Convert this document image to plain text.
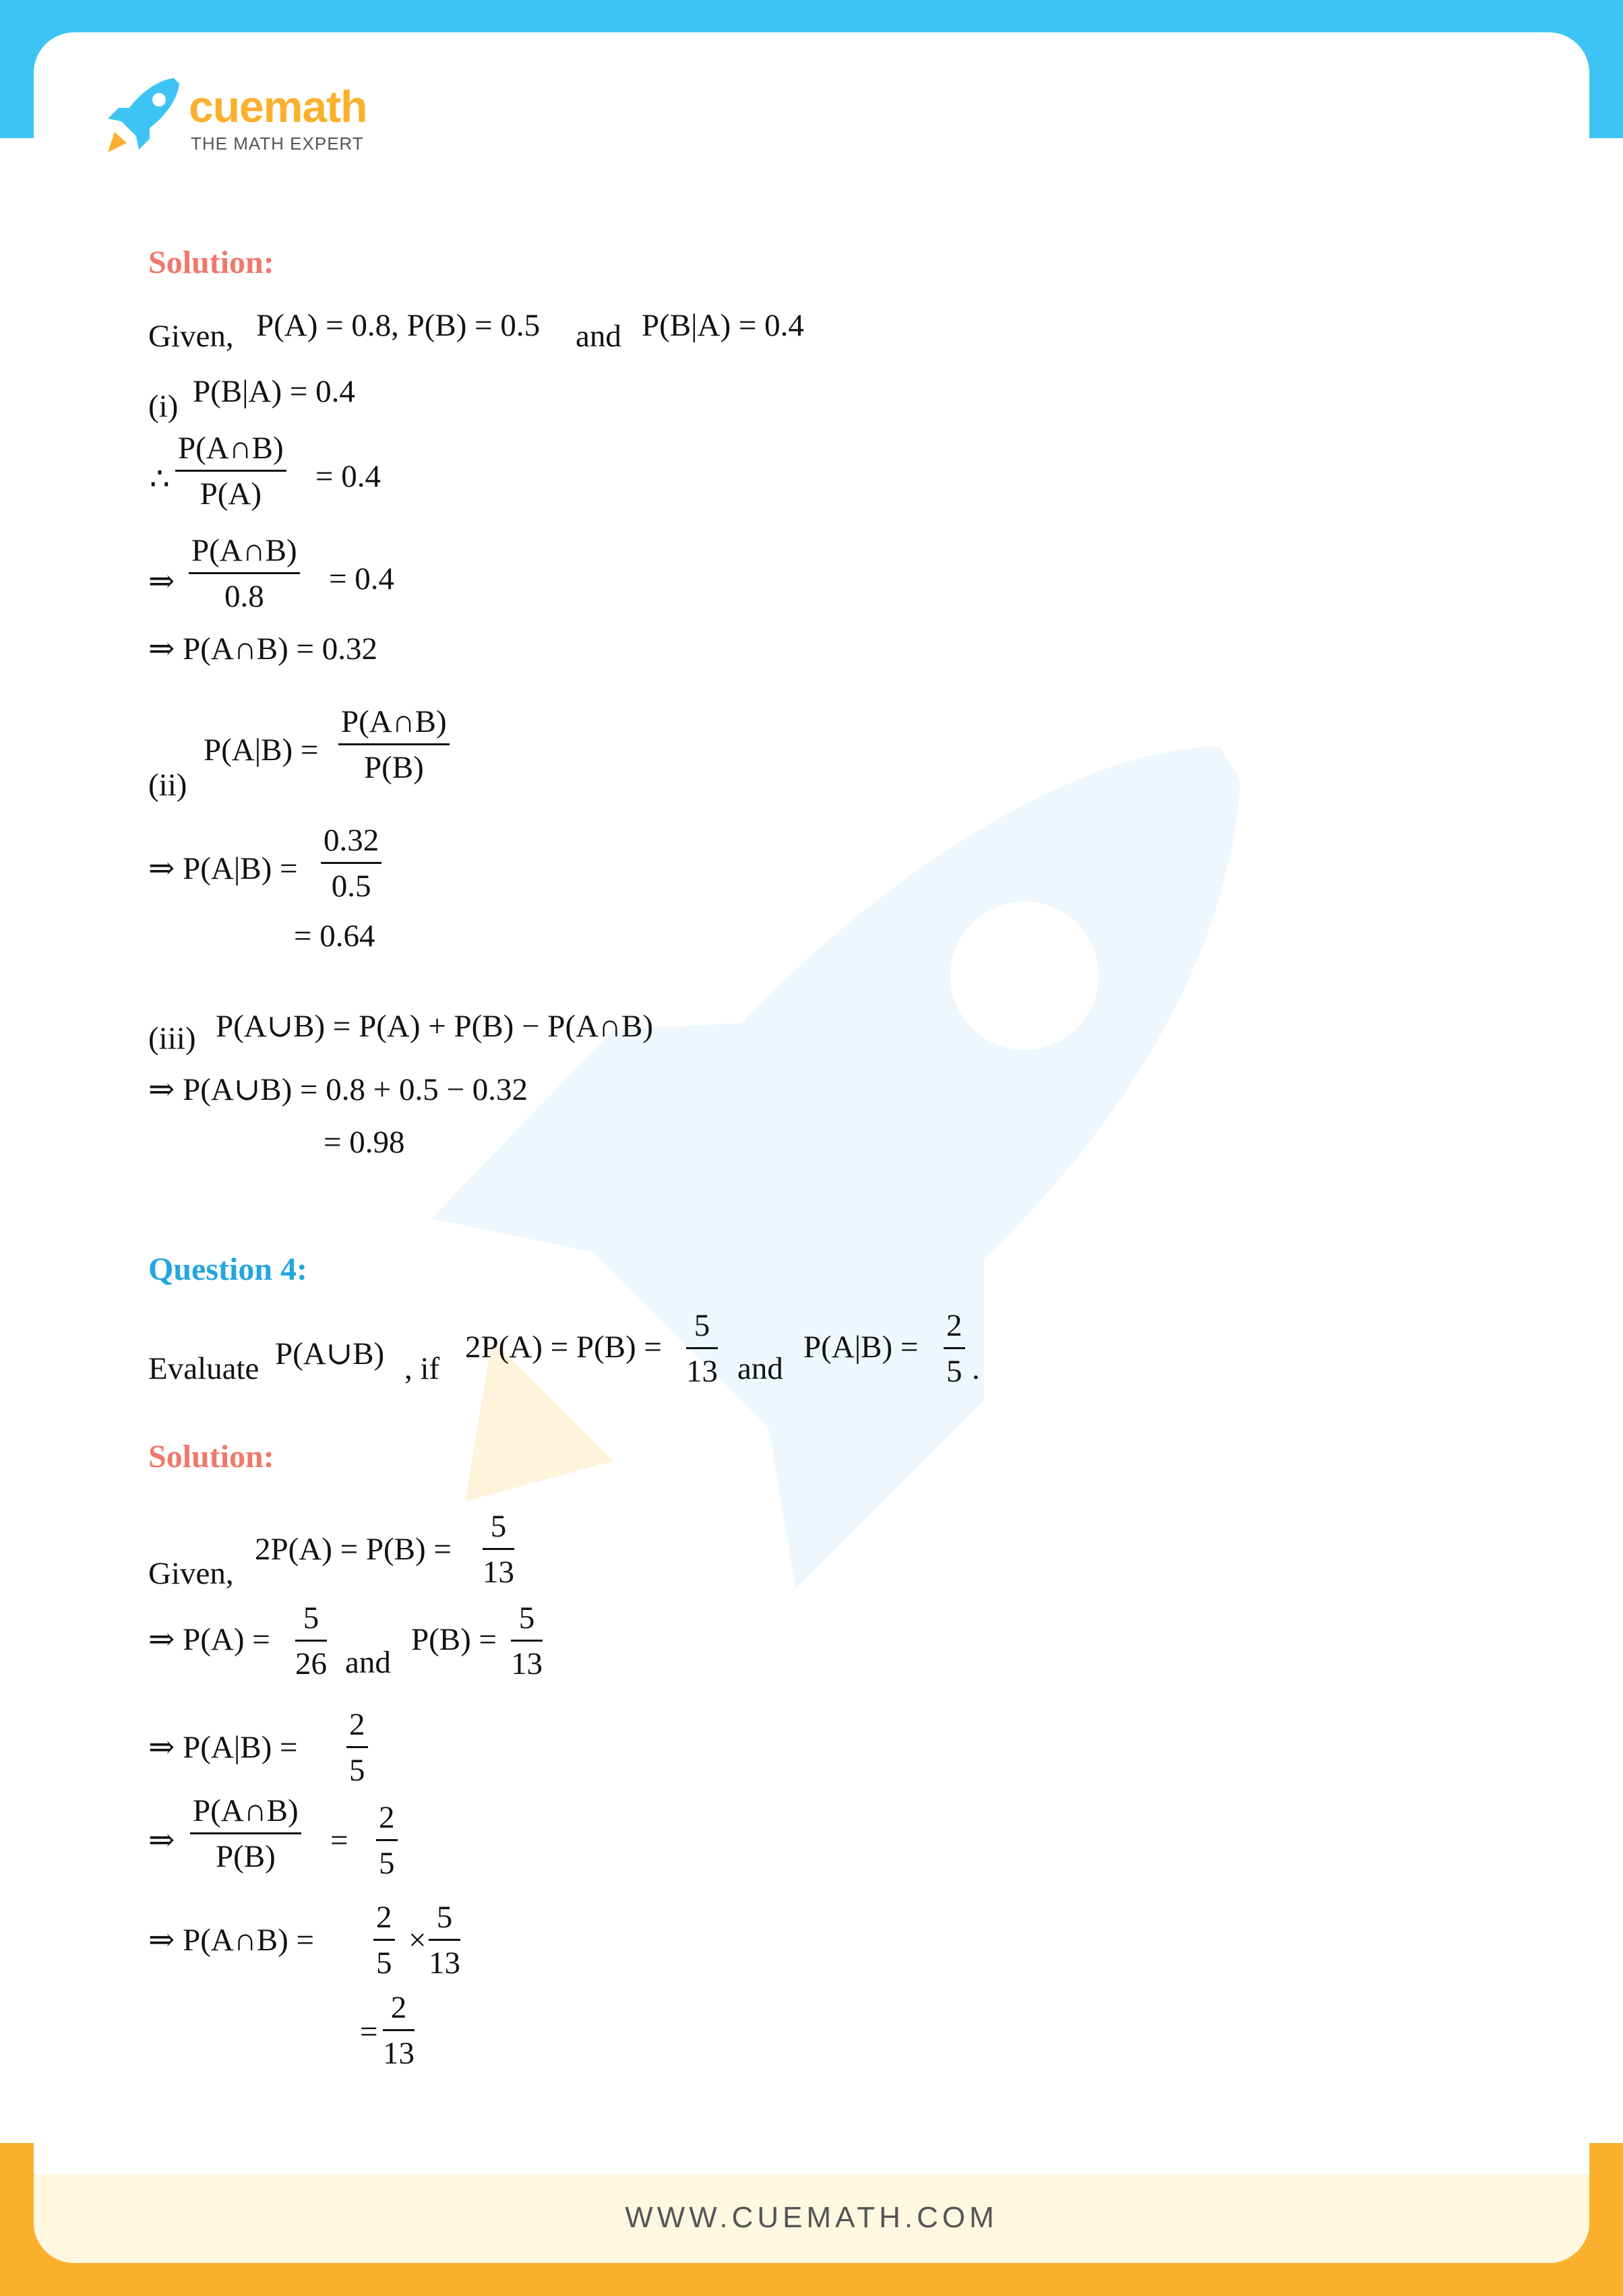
cuemath
THE MATH EXPERT
Solution:
Given, P(A) = 0.8, P(B) = 0.5 and P(B|A) = 0.4
(i) P(B|A) = 0.4
∴ $\frac{P(A\cap B)}{P(A)} = 0.4$
⇒ $\frac{P(A\cap B)}{0.8} = 0.4$
⇒ P(A∩B) = 0.32
(ii)
$P(A|B) = \frac{P(A\cap B)}{P(B)}$
⇒ $P(A|B) = \frac{0.32}{0.5}$
= 0.64
(iii) P(A∪B) = P(A) + P(B) − P(A∩B)
⇒ P(A∪B) = 0.8 + 0.5 − 0.32
= 0.98
Question 4:
Evaluate P(A∪B) , if
$2P(A) = P(B) = \frac{5}{13}$ and
$P(A|B) = \frac{2}{5}$ .
Solution:
Given,
$2P(A) = P(B) = \frac{5}{13}$
⇒ $P(A) = \frac{5}{26}$ and
$P(B) = \frac{5}{13}$
⇒ $P(A|B) = \frac{2}{5}$
⇒ $\frac{P(A\cap B)}{P(B)} = \frac{2}{5}$
⇒ P(A∩B) = $\frac{2}{5} \times \frac{5}{13}$
= $\frac{2}{13}$
WWW.CUEMATH.COM
